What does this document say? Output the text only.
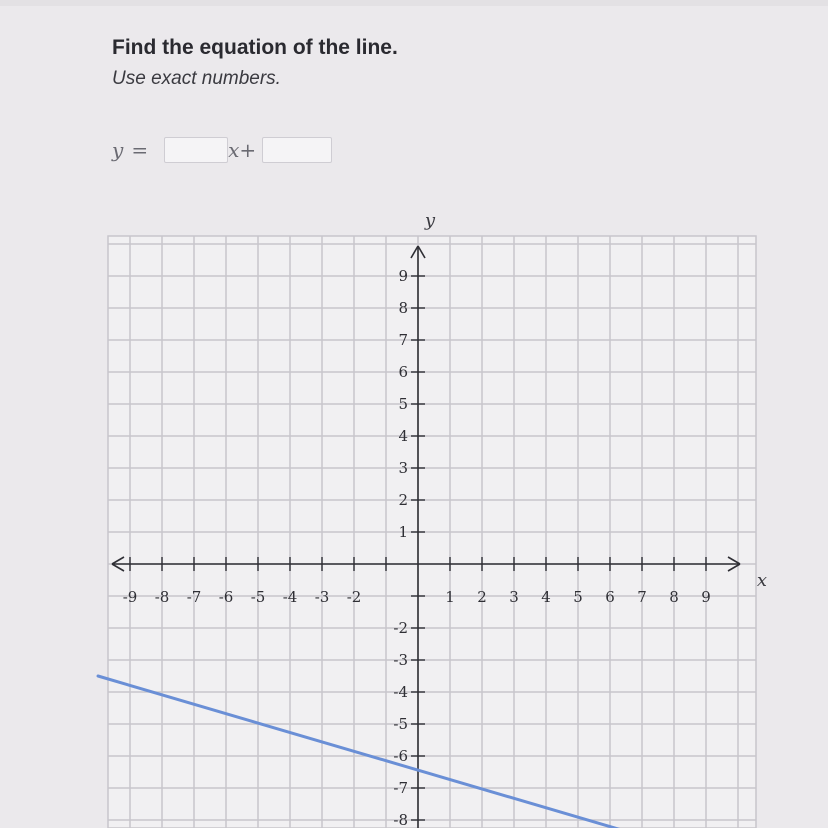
Find the equation of the line.
Use exact numbers.
y =	x +
-9 -8 -7 -6 -5 -4 -3 -2	1 2 3 4 5 6 7 8 9
9
8
7
6
5
4
3
2
1
-2
-3
-4
-5
-6
-7
-8
x
y
